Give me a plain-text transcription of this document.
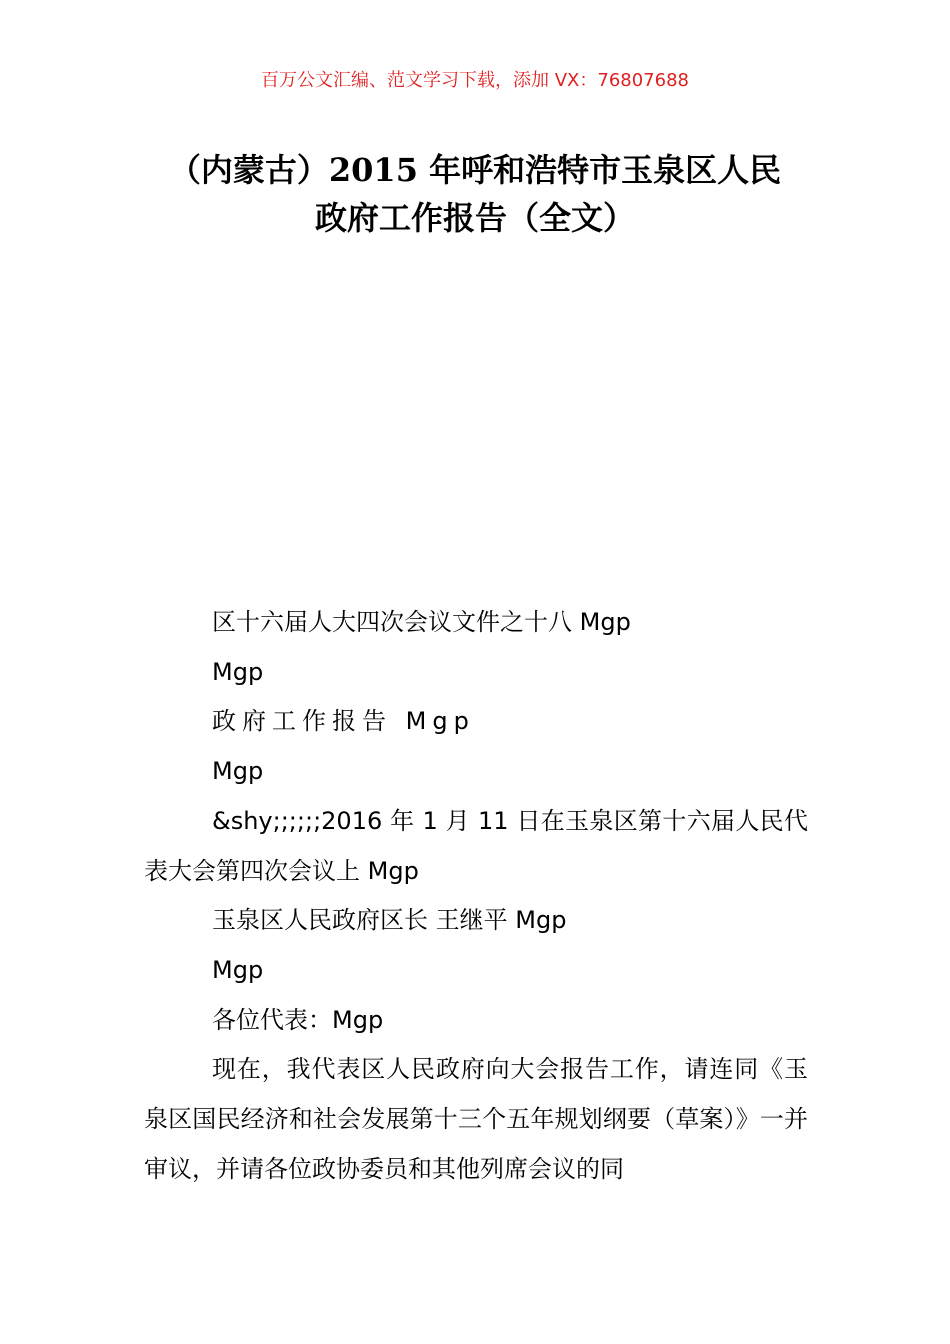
百万公文汇编、范文学习下载，添加 VX：76807688
（内蒙古）2015 年呼和浩特市玉泉区人民
政府工作报告（全文）

区十六届人大四次会议文件之十八 Mgp

Mgp

政府工作报告 Mgp

Mgp

&shy;;;;;;2016 年 1 月 11 日在玉泉区第十六届人民代表大会第四次会议上 Mgp

玉泉区人民政府区长 王继平 Mgp

Mgp

各位代表：Mgp

现在，我代表区人民政府向大会报告工作，请连同《玉泉区国民经济和社会发展第十三个五年规划纲要（草案）》一并审议，并请各位政协委员和其他列席会议的同
